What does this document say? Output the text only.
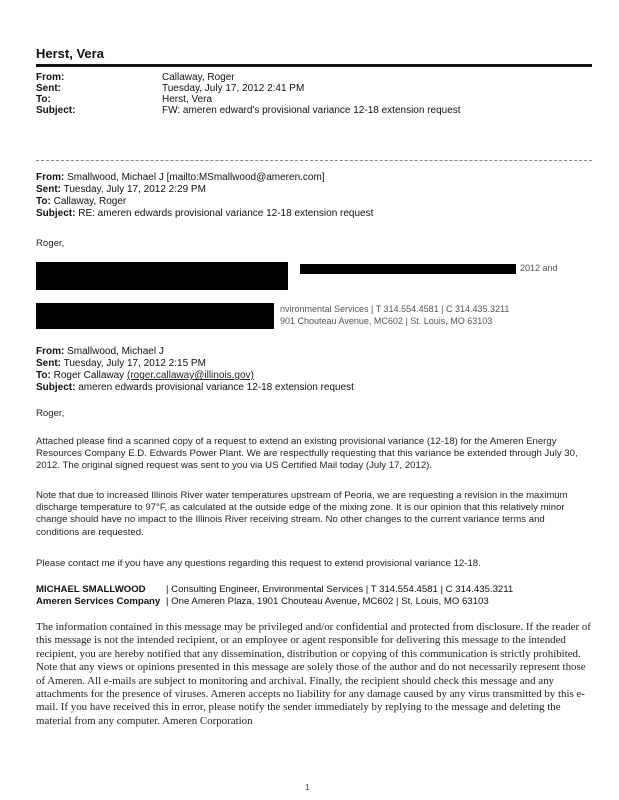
Herst, Vera
From:	Callaway, Roger
Sent:	Tuesday, July 17, 2012 2:41 PM
To:	Herst, Vera
Subject:	FW: ameren edward's provisional variance 12-18 extension request
From: Smallwood, Michael J [mailto:MSmallwood@ameren.com]
Sent: Tuesday, July 17, 2012 2:29 PM
To: Callaway, Roger
Subject: RE: ameren edwards provisional variance 12-18 extension request
Roger,
2012 and
nvironmental Services | T 314.554.4581 | C 314.435.3211
901 Chouteau Avenue, MC602 | St. Louis, MO 63103
From: Smallwood, Michael J
Sent: Tuesday, July 17, 2012 2:15 PM
To: Roger Callaway (roger.callaway@illinois.gov)
Subject: ameren edwards provisional variance 12-18 extension request
Roger,
Attached please find a scanned copy of a request to extend an existing provisional variance (12-18) for the Ameren Energy Resources Company E.D. Edwards Power Plant. We are respectfully requesting that this variance be extended through July 30, 2012. The original signed request was sent to you via US Certified Mail today (July 17, 2012).
Note that due to increased Illinois River water temperatures upstream of Peoria, we are requesting a revision in the maximum discharge temperature to 97°F, as calculated at the outside edge of the mixing zone. It is our opinion that this relatively minor change should have no impact to the Illinois River receiving stream. No other changes to the current variance terms and conditions are requested.
Please contact me if you have any questions regarding this request to extend provisional variance 12-18.
MICHAEL SMALLWOOD | Consulting Engineer, Environmental Services | T 314.554.4581 | C 314.435.3211
Ameren Services Company | One Ameren Plaza, 1901 Chouteau Avenue, MC602 | St. Louis, MO 63103
The information contained in this message may be privileged and/or confidential and protected from disclosure. If the reader of this message is not the intended recipient, or an employee or agent responsible for delivering this message to the intended recipient, you are hereby notified that any dissemination, distribution or copying of this communication is strictly prohibited. Note that any views or opinions presented in this message are solely those of the author and do not necessarily represent those of Ameren. All e-mails are subject to monitoring and archival. Finally, the recipient should check this message and any attachments for the presence of viruses. Ameren accepts no liability for any damage caused by any virus transmitted by this e-mail. If you have received this in error, please notify the sender immediately by replying to the message and deleting the material from any computer. Ameren Corporation
1
